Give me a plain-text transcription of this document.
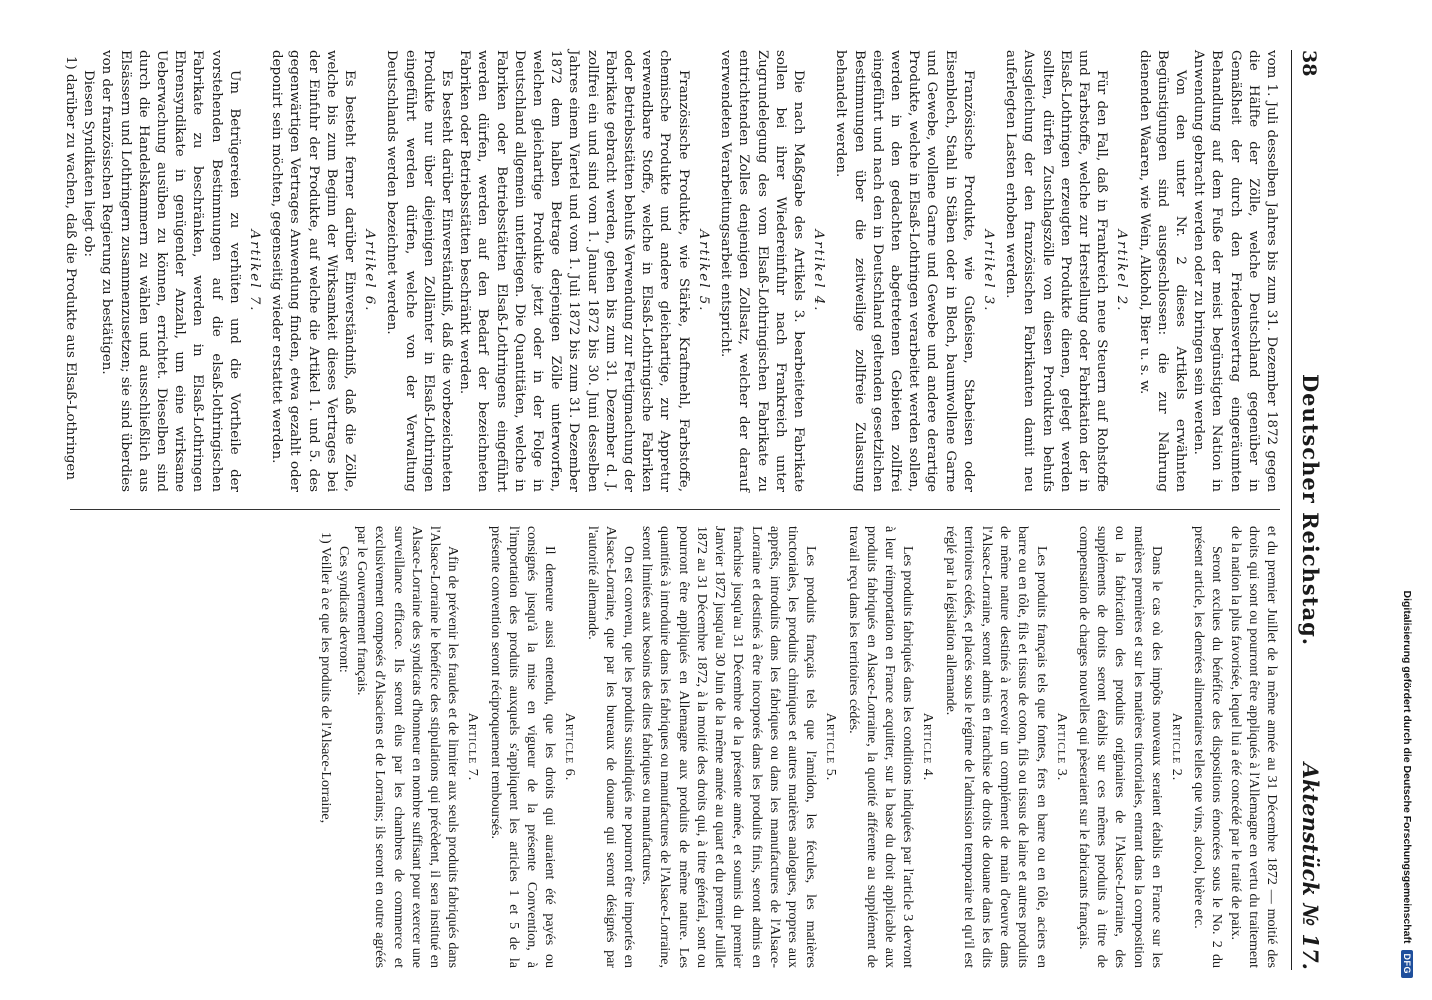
38
Deutscher Reichstag.
Aktenstück № 17.

vom 1. Juli desselben Jahres bis zum 31. Dezember 1872 gegen die Hälfte der Zölle, welche Deutschland gegenüber in Gemäßheit der durch den Friedensvertrag eingeräumten Behandlung auf dem Fuße der meist begünstigten Nation in Anwendung gebracht werden oder zu bringen sein werden.

Von den unter Nr. 2 dieses Artikels erwähnten Begünstigungen sind ausgeschlossen: die zur Nahrung dienenden Waaren, wie Wein, Alkohol, Bier u. s. w.

Artikel 2.

Für den Fall, daß in Frankreich neue Steuern auf Rohstoffe und Farbstoffe, welche zur Herstellung oder Fabrikation der in Elsaß-Lothringen erzeugten Produkte dienen, gelegt werden sollten, dürfen Zuschlagszölle von diesen Produkten behufs Ausgleichung der den französischen Fabrikanten damit neu auferlegten Lasten erhoben werden.

Artikel 3.

Französische Produkte, wie Gußeisen, Stabeisen oder Eisenblech, Stahl in Stäben oder in Blech, baumwollene Garne und Gewebe, wollene Garne und Gewebe und andere derartige Produkte, welche in Elsaß-Lothringen verarbeitet werden sollen, werden in den gedachten abgetretenen Gebieten zollfrei eingeführt und nach den in Deutschland geltenden gesetzlichen Bestimmungen über die zeitweilige zollfreie Zulassung behandelt werden.

Artikel 4.

Die nach Maßgabe des Artikels 3. bearbeiteten Fabrikate sollen bei ihrer Wiedereinfuhr nach Frankreich unter Zugrundelegung des vom Elsaß-Lothringischen Fabrikate zu entrichtenden Zolles denjenigen Zollsatz, welcher der darauf verwendeten Verarbeitungsarbeit entspricht.

Artikel 5.

Französische Produkte, wie Stärke, Kraftmehl, Farbstoffe, chemische Produkte und andere gleichartige, zur Appretur verwendbare Stoffe, welche in Elsaß-Lothringische Fabriken oder Betriebsstätten behufs Verwendung zur Fertigmachung der Fabrikate gebracht werden, gehen bis zum 31. Dezember d. J. zollfrei ein und sind vom 1. Januar 1872 bis 30. Juni desselben Jahres einem Viertel und vom 1. Juli 1872 bis zum 31. Dezember 1872 dem halben Betrage derjenigen Zölle unterworfen, welchen gleichartige Produkte jetzt oder in der Folge in Deutschland allgemein unterliegen. Die Quantitäten, welche in Fabriken oder Betriebsstätten Elsaß-Lothringens eingeführt werden dürfen, werden auf den Bedarf der bezeichneten Fabriken oder Betriebsstätten beschränkt werden.

Es besteht darüber Einverständniß, daß die vorbezeichneten Produkte nur über diejenigen Zollämter in Elsaß-Lothringen eingeführt werden dürfen, welche von der Verwaltung Deutschlands werden bezeichnet werden.

Artikel 6.

Es besteht ferner darüber Einverständniß, daß die Zölle, welche bis zum Beginn der Wirksamkeit dieses Vertrages bei der Einfuhr der Produkte, auf welche die Artikel 1. und 5. des gegenwärtigen Vertrages Anwendung finden, etwa gezahlt oder deponirt sein möchten, gegenseitig wieder erstattet werden.

Artikel 7.

Um Betrügereien zu verhüten und die Vortheile der vorstehenden Bestimmungen auf die elsaß-lothringischen Fabrikate zu beschränken, werden in Elsaß-Lothringen Ehrensyndikate in genügender Anzahl, um eine wirksame Ueberwachung ausüben zu können, errichtet. Dieselben sind durch die Handelskammern zu wählen und ausschließlich aus Elsässern und Lothringern zusammenzusetzen; sie sind überdies von der französischen Regierung zu bestätigen.

Diesen Syndikaten liegt ob:

1) darüber zu wachen, daß die Produkte aus Elsaß-Lothringen

et du premier Juillet de la même année au 31 Décembre 1872 — moitié des droits qui sont ou pourront être appliqués à l'Allemagne en vertu du traitement de la nation la plus favorisée, lequel lui a été concédé par le traité de paix.

Seront exclues du bénéfice des dispositions énoncées sous le No. 2 du présent article, les denrées alimentaires telles que vins, alcool, bière etc.

Article 2.

Dans le cas où des impôts nouveaux seraient établis en France sur les matières premières et sur les matières tinctoriales, entrant dans la composition ou la fabrication des produits originaires de l'Alsace-Lorraine, des suppléments de droits seront établis sur ces mêmes produits à titre de compensation de charges nouvelles qui pèseraient sur le fabricants français.

Article 3.

Les produits français tels que fontes, fers en barre ou en tôle, aciers en barre ou en tôle, fils et tissus de coton, fils ou tissus de laine et autres produits de même nature destinés à recevoir un complément de main d'oeuvre dans l'Alsace-Lorraine, seront admis en franchise de droits de douane dans les dits territoires cédés, et placés sous le régime de l'admission temporaire tel qu'il est réglé par la législation allemande.

Article 4.

Les produits fabriqués dans les conditions indiquées par l'article 3 devront à leur réimportation en France acquitter, sur la base du droit applicable aux produits fabriqués en Alsace-Lorraine, la quotité afférente au supplément de travail reçu dans les territoires cédés.

Article 5.

Les produits français tels que l'amidon, les fécules, les matières tinctoriales, les produits chimiques et autres matières analogues, propres aux apprêts, introduits dans les fabriques ou dans les manufactures de l'Alsace-Lorraine et destinés à être incorporés dans les produits finis, seront admis en franchise jusqu'au 31 Décembre de la présente année, et soumis du premier Janvier 1872 jusqu'au 30 Juin de la même année au quart et du premier Juillet 1872 au 31 Décembre 1872, à la moitié des droits qui, à titre général, sont ou pourront être appliqués en Allemagne aux produits de même nature. Les quantités à introduire dans les fabriques ou manufactures de l'Alsace-Lorraine, seront limitées aux besoins des dites fabriques ou manufactures.

On est convenu, que les produits susindiqués ne pourront être importés en Alsace-Lorraine, que par les bureaux de douane qui seront désignés par l'autorité allemande.

Article 6.

Il demeure aussi entendu, que les droits qui auraient été payés ou consignés jusqu'à la mise en vigueur de la présente Convention, à l'importation des produits auxquels s'appliquent les articles 1 et 5 de la présente convention seront réciproquement remboursés.

Article 7.

Afin de prévenir les fraudes et de limiter aux seuls produits fabriqués dans l'Alsace-Lorraine le bénéfice des stipulations qui précèdent, il sera institué en Alsace-Lorraine des syndicats d'honneur en nombre suffisant pour exercer une surveillance efficace. Ils seront élus par les chambres de commerce et exclusivement composés d'Alsaciens et de Lorrains; ils seront en outre agréés par le Gouvernement français.

Ces syndicats devront:

1) Veiller à ce que les produits de l'Alsace-Lorraine,	Digitalisierung gefördert durch die Deutsche Forschungsgemeinschaft
DFG
